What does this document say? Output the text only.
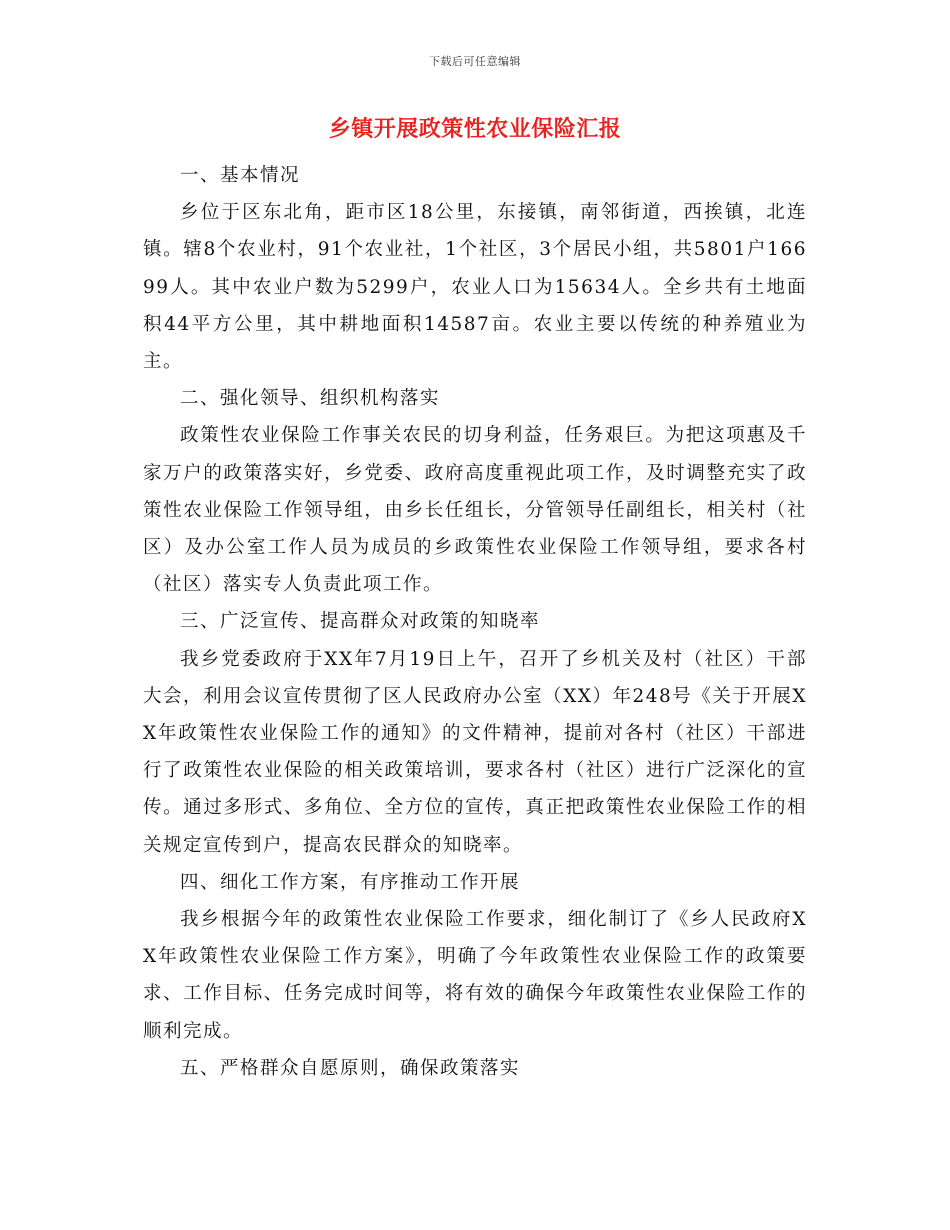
下载后可任意编辑
乡镇开展政策性农业保险汇报

一、基本情况

乡位于区东北角，距市区18公里，东接镇，南邻街道，西挨镇，北连镇。辖8个农业村，91个农业社，1个社区，3个居民小组，共5801户16699人。其中农业户数为5299户，农业人口为15634人。全乡共有土地面积44平方公里，其中耕地面积14587亩。农业主要以传统的种养殖业为主。

二、强化领导、组织机构落实

政策性农业保险工作事关农民的切身利益，任务艰巨。为把这项惠及千家万户的政策落实好，乡党委、政府高度重视此项工作，及时调整充实了政策性农业保险工作领导组，由乡长任组长，分管领导任副组长，相关村（社区）及办公室工作人员为成员的乡政策性农业保险工作领导组，要求各村（社区）落实专人负责此项工作。

三、广泛宣传、提高群众对政策的知晓率

我乡党委政府于XX年7月19日上午，召开了乡机关及村（社区）干部大会，利用会议宣传贯彻了区人民政府办公室（XX）年248号《关于开展XX年政策性农业保险工作的通知》的文件精神，提前对各村（社区）干部进行了政策性农业保险的相关政策培训，要求各村（社区）进行广泛深化的宣传。通过多形式、多角位、全方位的宣传，真正把政策性农业保险工作的相关规定宣传到户，提高农民群众的知晓率。

四、细化工作方案，有序推动工作开展

我乡根据今年的政策性农业保险工作要求，细化制订了《乡人民政府XX年政策性农业保险工作方案》，明确了今年政策性农业保险工作的政策要求、工作目标、任务完成时间等，将有效的确保今年政策性农业保险工作的顺利完成。

五、严格群众自愿原则，确保政策落实
